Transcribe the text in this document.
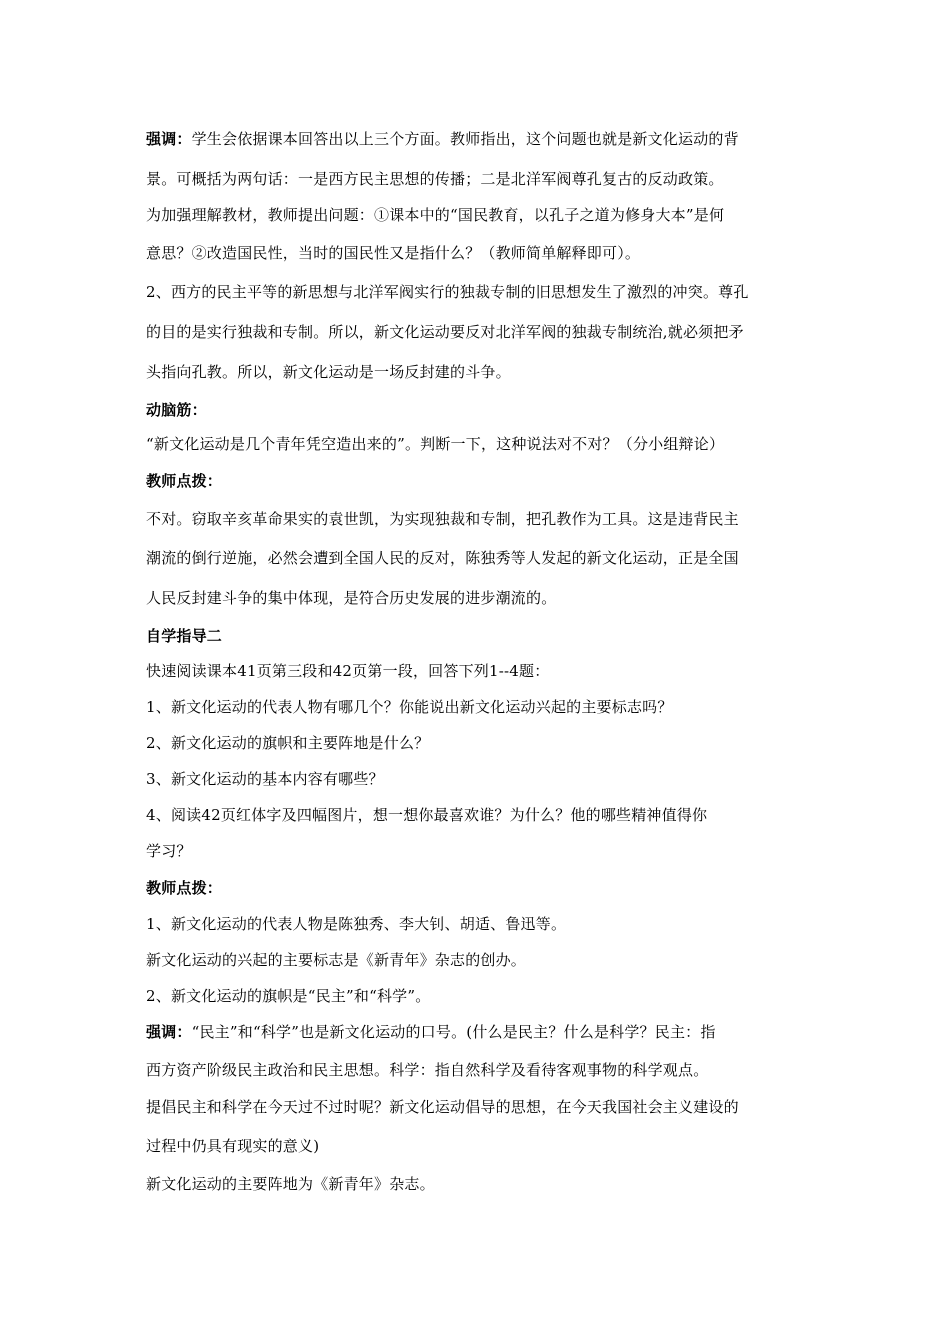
强调：学生会依据课本回答出以上三个方面。教师指出，这个问题也就是新文化运动的背
景。可概括为两句话：一是西方民主思想的传播；二是北洋军阀尊孔复古的反动政策。
为加强理解教材，教师提出问题：①课本中的“国民教育，以孔子之道为修身大本”是何
意思？②改造国民性，当时的国民性又是指什么？（教师简单解释即可）。
2、西方的民主平等的新思想与北洋军阀实行的独裁专制的旧思想发生了激烈的冲突。尊孔
的目的是实行独裁和专制。所以，新文化运动要反对北洋军阀的独裁专制统治,就必须把矛
头指向孔教。所以，新文化运动是一场反封建的斗争。
动脑筋：
“新文化运动是几个青年凭空造出来的”。判断一下，这种说法对不对？（分小组辩论）
教师点拨：
不对。窃取辛亥革命果实的袁世凯，为实现独裁和专制，把孔教作为工具。这是违背民主
潮流的倒行逆施，必然会遭到全国人民的反对，陈独秀等人发起的新文化运动，正是全国
人民反封建斗争的集中体现，是符合历史发展的进步潮流的。
自学指导二
快速阅读课本41页第三段和42页第一段，回答下列1--4题：
1、新文化运动的代表人物有哪几个？你能说出新文化运动兴起的主要标志吗？
2、新文化运动的旗帜和主要阵地是什么？
3、新文化运动的基本内容有哪些？
4、阅读42页红体字及四幅图片，想一想你最喜欢谁？为什么？他的哪些精神值得你
学习？
教师点拨：
1、新文化运动的代表人物是陈独秀、李大钊、胡适、鲁迅等。
新文化运动的兴起的主要标志是《新青年》杂志的创办。
2、新文化运动的旗帜是“民主”和“科学”。
强调：“民主”和“科学”也是新文化运动的口号。(什么是民主？什么是科学？民主：指
西方资产阶级民主政治和民主思想。科学：指自然科学及看待客观事物的科学观点。
提倡民主和科学在今天过不过时呢？新文化运动倡导的思想，在今天我国社会主义建设的
过程中仍具有现实的意义)
新文化运动的主要阵地为《新青年》杂志。
